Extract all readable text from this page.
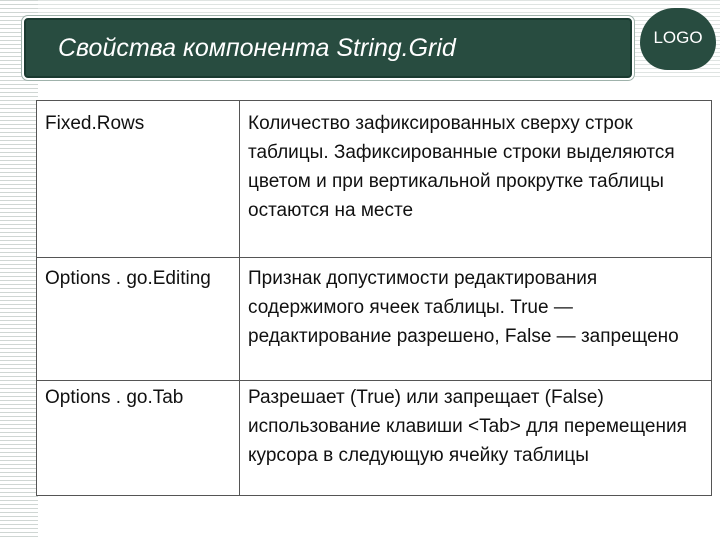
Свойства компонента String.Grid	LOGO
Fixed.Rows	Количество зафиксированных сверху строк таблицы. Зафиксированные строки выделяются цветом и при вертикальной прокрутке таблицы остаются на месте
Options . go.Editing	Признак допустимости редактирования содержимого ячеек таблицы. True — редактирование разрешено, False — запрещено
Options . go.Tab	Разрешает (True) или запрещает (False) использование клавиши <Tab> для перемещения курсора в следующую ячейку таблицы
